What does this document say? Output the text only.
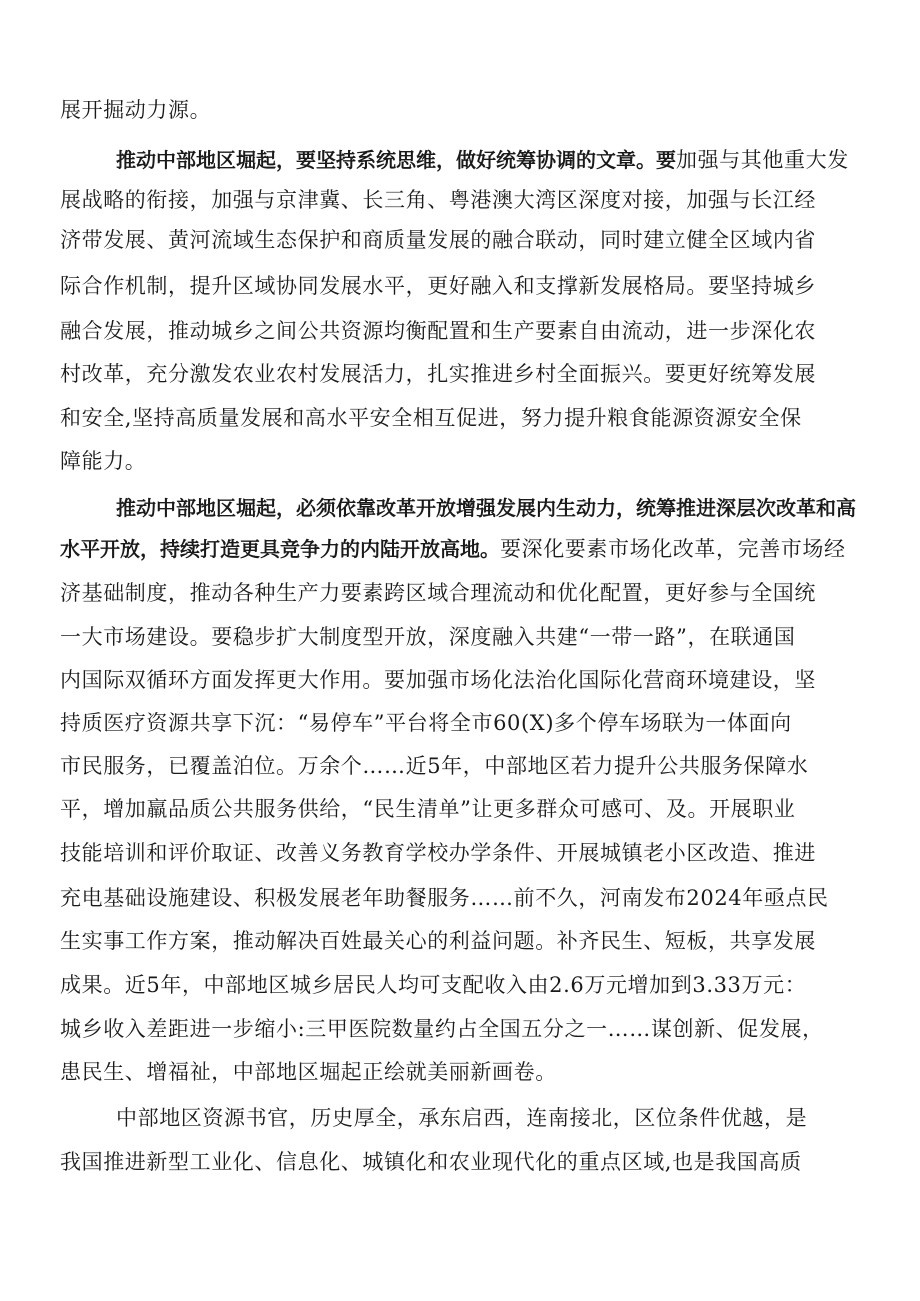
展开掘动力源。
推动中部地区堀起，要坚持系统思维，做好统筹协调的文章。要加强与其他重大发
展战略的衔接，加强与京津冀、长三角、粤港澳大湾区深度对接，加强与长江经
济带发展、黄河流域生态保护和商质量发展的融合联动，同时建立健全区域内省
际合作机制，提升区域协同发展水平，更好融入和支撑新发展格局。要坚持城乡
融合发展，推动城乡之间公共资源均衡配置和生产要素自由流动，进一步深化农
村改革，充分激发农业农村发展活力，扎实推进乡村全面振兴。要更好统筹发展
和安全,坚持高质量发展和高水平安全相互促进，努力提升粮食能源资源安全保
障能力。
推动中部地区堀起，必须依靠改革开放增强发展内生动力，统筹推进深层次改革和高
水平开放，持续打造更具竞争力的内陆开放高地。要深化要素市场化改革，完善市场经
济基础制度，推动各种生产力要素跨区域合理流动和优化配置，更好参与全国统
一大市场建设。要稳步扩大制度型开放，深度融入共建“一带一路”，在联通国
内国际双循环方面发挥更大作用。要加强市场化法治化国际化营商环境建设，坚
持质医疗资源共享下沉：“易停车”平台将全市60(X)多个停车场联为一体面向
市民服务，已覆盖泊位。万余个……近5年，中部地区若力提升公共服务保障水
平，增加羸品质公共服务供给，“民生清单”让更多群众可感可、及。开展职业
技能培训和评价取证、改善义务教育学校办学条件、开展城镇老小区改造、推进
充电基础设施建设、积极发展老年助餐服务……前不久，河南发布2024年亟点民
生实事工作方案，推动解决百姓最关心的利益问题。补齐民生、短板，共享发展
成果。近5年，中部地区城乡居民人均可支配收入由2.6万元增加到3.33万元：
城乡收入差距进一步缩小:三甲医院数量约占全国五分之一……谋创新、促发展，
患民生、增福祉，中部地区堀起正绘就美丽新画卷。
中部地区资源书官，历史厚全，承东启西，连南接北，区位条件优越，是
我国推进新型工业化、信息化、城镇化和农业现代化的重点区域,也是我国高质
